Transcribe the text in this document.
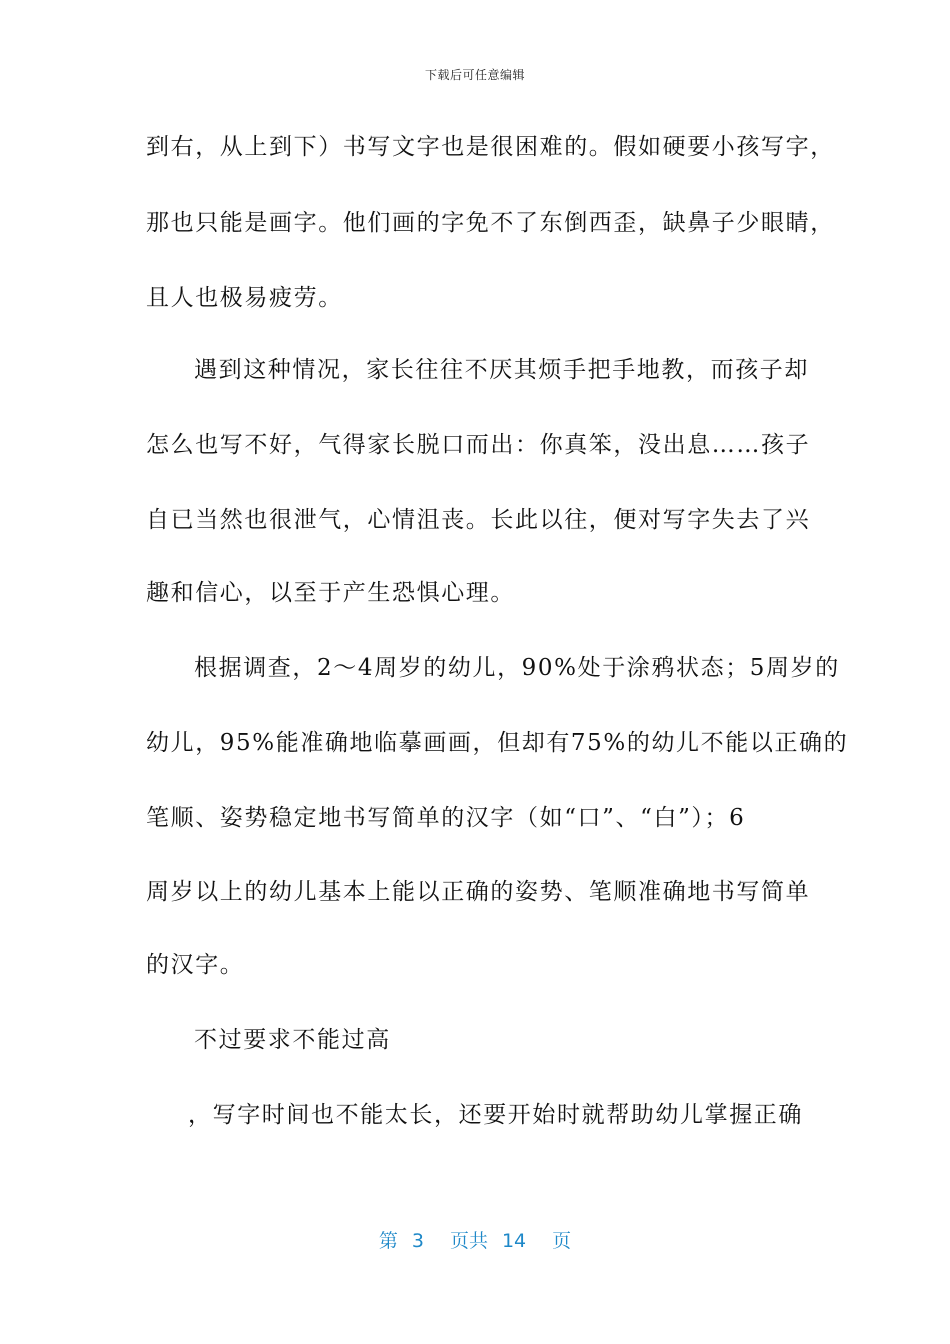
下载后可任意编辑
到右，从上到下）书写文字也是很困难的。假如硬要小孩写字，
那也只能是画字。他们画的字免不了东倒西歪，缺鼻子少眼睛，
且人也极易疲劳。
遇到这种情况，家长往往不厌其烦手把手地教，而孩子却
怎么也写不好，气得家长脱口而出：你真笨，没出息……孩子
自已当然也很泄气，心情沮丧。长此以往，便对写字失去了兴
趣和信心，以至于产生恐惧心理。
根据调查，2～4周岁的幼儿，90%处于涂鸦状态；5周岁的
幼儿，95%能准确地临摹画画，但却有75%的幼儿不能以正确的
笔顺、姿势稳定地书写简单的汉字（如“口”、“白”）；6
周岁以上的幼儿基本上能以正确的姿势、笔顺准确地书写简单
的汉字。
不过要求不能过高
，写字时间也不能太长，还要开始时就帮助幼儿掌握正确
第 3 页共 14 页
